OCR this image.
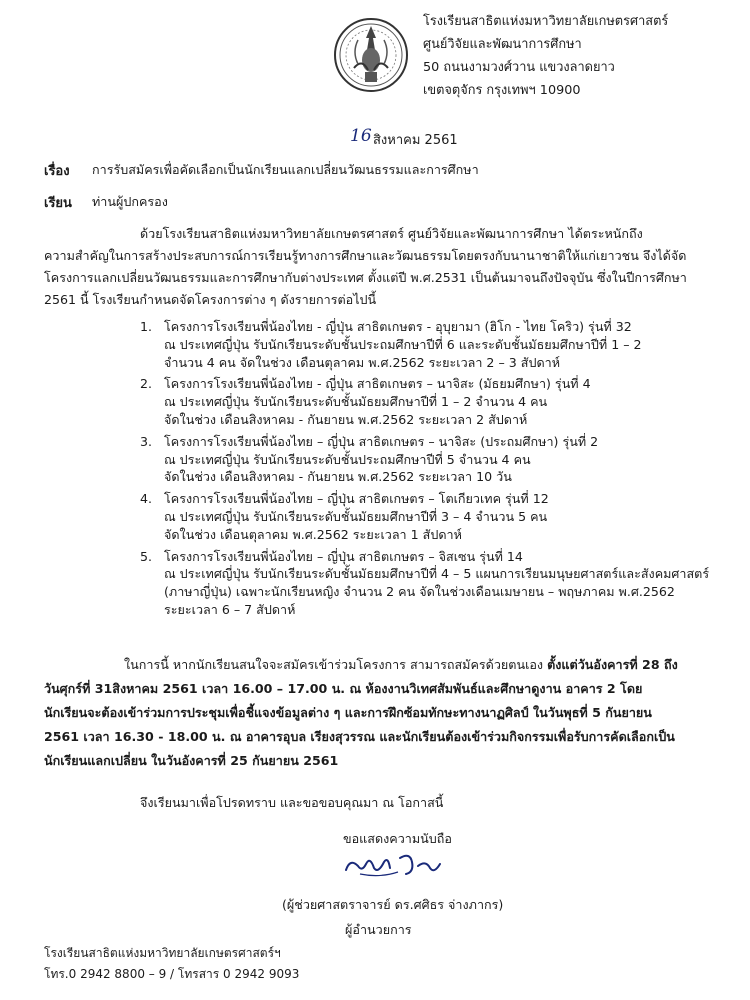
โรงเรียนสาธิตแห่งมหาวิทยาลัยเกษตรศาสตร์
ศูนย์วิจัยและพัฒนาการศึกษา
50 ถนนงามวงศ์วาน แขวงลาดยาว
เขตจตุจักร กรุงเทพฯ 10900
16 สิงหาคม 2561
เรื่อง การรับสมัครเพื่อคัดเลือกเป็นนักเรียนแลกเปลี่ยนวัฒนธรรมและการศึกษา
เรียน ท่านผู้ปกครอง
ด้วยโรงเรียนสาธิตแห่งมหาวิทยาลัยเกษตรศาสตร์ ศูนย์วิจัยและพัฒนาการศึกษา ได้ตระหนักถึง
ความสำคัญในการสร้างประสบการณ์การเรียนรู้ทางการศึกษาและวัฒนธรรมโดยตรงกับนานาชาติให้แก่เยาวชน จึงได้จัด
โครงการแลกเปลี่ยนวัฒนธรรมและการศึกษากับต่างประเทศ ตั้งแต่ปี พ.ศ.2531 เป็นต้นมาจนถึงปัจจุบัน ซึ่งในปีการศึกษา
2561 นี้ โรงเรียนกำหนดจัดโครงการต่าง ๆ ดังรายการต่อไปนี้
1. โครงการโรงเรียนพี่น้องไทย - ญี่ปุ่น สาธิตเกษตร - อุบุยามา (ฮิโก - ไทย โคริว) รุ่นที่ 32
ณ ประเทศญี่ปุ่น รับนักเรียนระดับชั้นประถมศึกษาปีที่ 6 และระดับชั้นมัธยมศึกษาปีที่ 1 – 2
จำนวน 4 คน จัดในช่วง เดือนตุลาคม พ.ศ.2562 ระยะเวลา 2 – 3 สัปดาห์
2. โครงการโรงเรียนพี่น้องไทย - ญี่ปุ่น สาธิตเกษตร – นาจิสะ (มัธยมศึกษา) รุ่นที่ 4
ณ ประเทศญี่ปุ่น รับนักเรียนระดับชั้นมัธยมศึกษาปีที่ 1 – 2 จำนวน 4 คน
จัดในช่วง เดือนสิงหาคม - กันยายน พ.ศ.2562 ระยะเวลา 2 สัปดาห์
3. โครงการโรงเรียนพี่น้องไทย – ญี่ปุ่น สาธิตเกษตร – นาจิสะ (ประถมศึกษา) รุ่นที่ 2
ณ ประเทศญี่ปุ่น รับนักเรียนระดับชั้นประถมศึกษาปีที่ 5 จำนวน 4 คน
จัดในช่วง เดือนสิงหาคม - กันยายน พ.ศ.2562 ระยะเวลา 10 วัน
4. โครงการโรงเรียนพี่น้องไทย – ญี่ปุ่น สาธิตเกษตร – โตเกียวเทค รุ่นที่ 12
ณ ประเทศญี่ปุ่น รับนักเรียนระดับชั้นมัธยมศึกษาปีที่ 3 – 4 จำนวน 5 คน
จัดในช่วง เดือนตุลาคม พ.ศ.2562 ระยะเวลา 1 สัปดาห์
5. โครงการโรงเรียนพี่น้องไทย – ญี่ปุ่น สาธิตเกษตร – จิสเซน รุ่นที่ 14
ณ ประเทศญี่ปุ่น รับนักเรียนระดับชั้นมัธยมศึกษาปีที่ 4 – 5 แผนการเรียนมนุษยศาสตร์และสังคมศาสตร์
(ภาษาญี่ปุ่น) เฉพาะนักเรียนหญิง จำนวน 2 คน จัดในช่วงเดือนเมษายน – พฤษภาคม พ.ศ.2562
ระยะเวลา 6 – 7 สัปดาห์
ในการนี้ หากนักเรียนสนใจจะสมัครเข้าร่วมโครงการ สามารถสมัครด้วยตนเอง ตั้งแต่วันอังคารที่ 28 ถึง
วันศุกร์ที่ 31สิงหาคม 2561 เวลา 16.00 – 17.00 น. ณ ห้องงานวิเทศสัมพันธ์และศึกษาดูงาน อาคาร 2 โดย
นักเรียนจะต้องเข้าร่วมการประชุมเพื่อชี้แจงข้อมูลต่าง ๆ และการฝึกซ้อมทักษะทางนาฏศิลป์ ในวันพุธที่ 5 กันยายน
2561 เวลา 16.30 - 18.00 น. ณ อาคารอุบล เรียงสุวรรณ และนักเรียนต้องเข้าร่วมกิจกรรมเพื่อรับการคัดเลือกเป็น
นักเรียนแลกเปลี่ยน ในวันอังคารที่ 25 กันยายน 2561
จึงเรียนมาเพื่อโปรดทราบ และขอขอบคุณมา ณ โอกาสนี้
ขอแสดงความนับถือ
(ผู้ช่วยศาสตราจารย์ ดร.ศศิธร จ่างภากร)
ผู้อำนวยการ
โรงเรียนสาธิตแห่งมหาวิทยาลัยเกษตรศาสตร์ฯ
โทร.0 2942 8800 – 9 / โทรสาร 0 2942 9093
